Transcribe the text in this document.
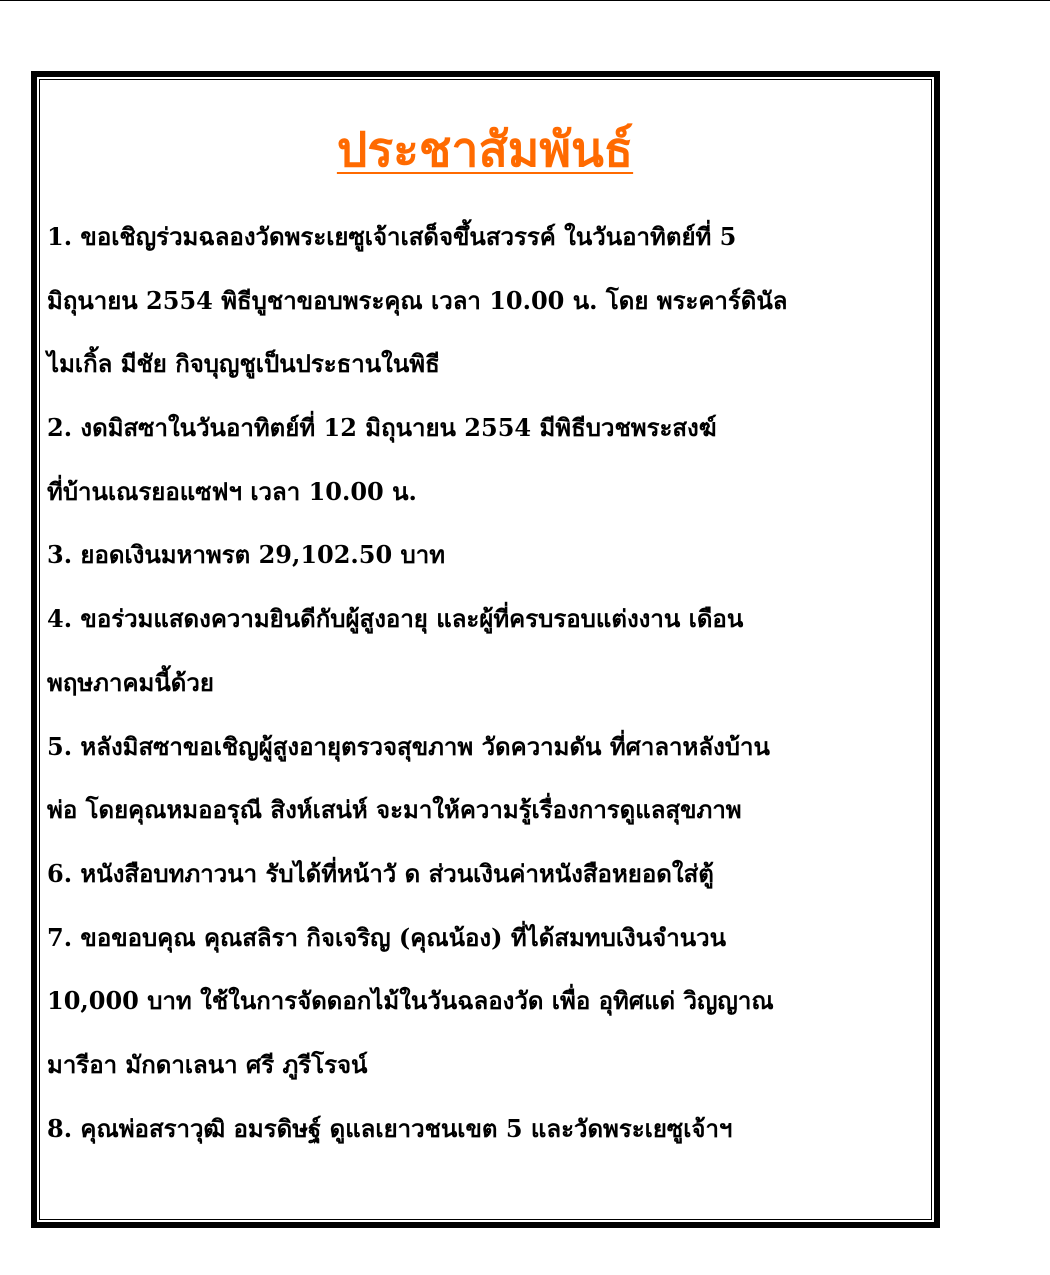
ประชาสัมพันธ์
1. ขอเชิญร่วมฉลองวัดพระเยซูเจ้าเสด็จขึ้นสวรรค์ ในวันอาทิตย์ที่ 5
มิถุนายน 2554 พิธีบูชาขอบพระคุณ เวลา 10.00 น. โดย พระคาร์ดินัล
ไมเกิ้ล มีชัย กิจบุญชูเป็นประธานในพิธี
2. งดมิสซาในวันอาทิตย์ที่ 12 มิถุนายน 2554 มีพิธีบวชพระสงฆ์
ที่บ้านเณรยอแซฟฯ เวลา 10.00 น.
3. ยอดเงินมหาพรต 29,102.50 บาท
4. ขอร่วมแสดงความยินดีกับผู้สูงอายุ และผู้ที่ครบรอบแต่งงาน เดือน
พฤษภาคมนี้ด้วย
5. หลังมิสซาขอเชิญผู้สูงอายุตรวจสุขภาพ วัดความดัน ที่ศาลาหลังบ้าน
พ่อ โดยคุณหมออรุณี สิงห์เสน่ห์ จะมาให้ความรู้เรื่องการดูแลสุขภาพ
6. หนังสือบทภาวนา รับได้ที่หน้าวั ด ส่วนเงินค่าหนังสือหยอดใส่ตู้
7. ขอขอบคุณ คุณสลิรา กิจเจริญ (คุณน้อง) ที่ได้สมทบเงินจำนวน
10,000 บาท ใช้ในการจัดดอกไม้ในวันฉลองวัด เพื่อ อุทิศแด่ วิญญาณ
มารีอา มักดาเลนา ศรี ภูรีโรจน์
8. คุณพ่อสราวุฒิ อมรดิษฐ์ ดูแลเยาวชนเขต 5 และวัดพระเยซูเจ้าฯ
